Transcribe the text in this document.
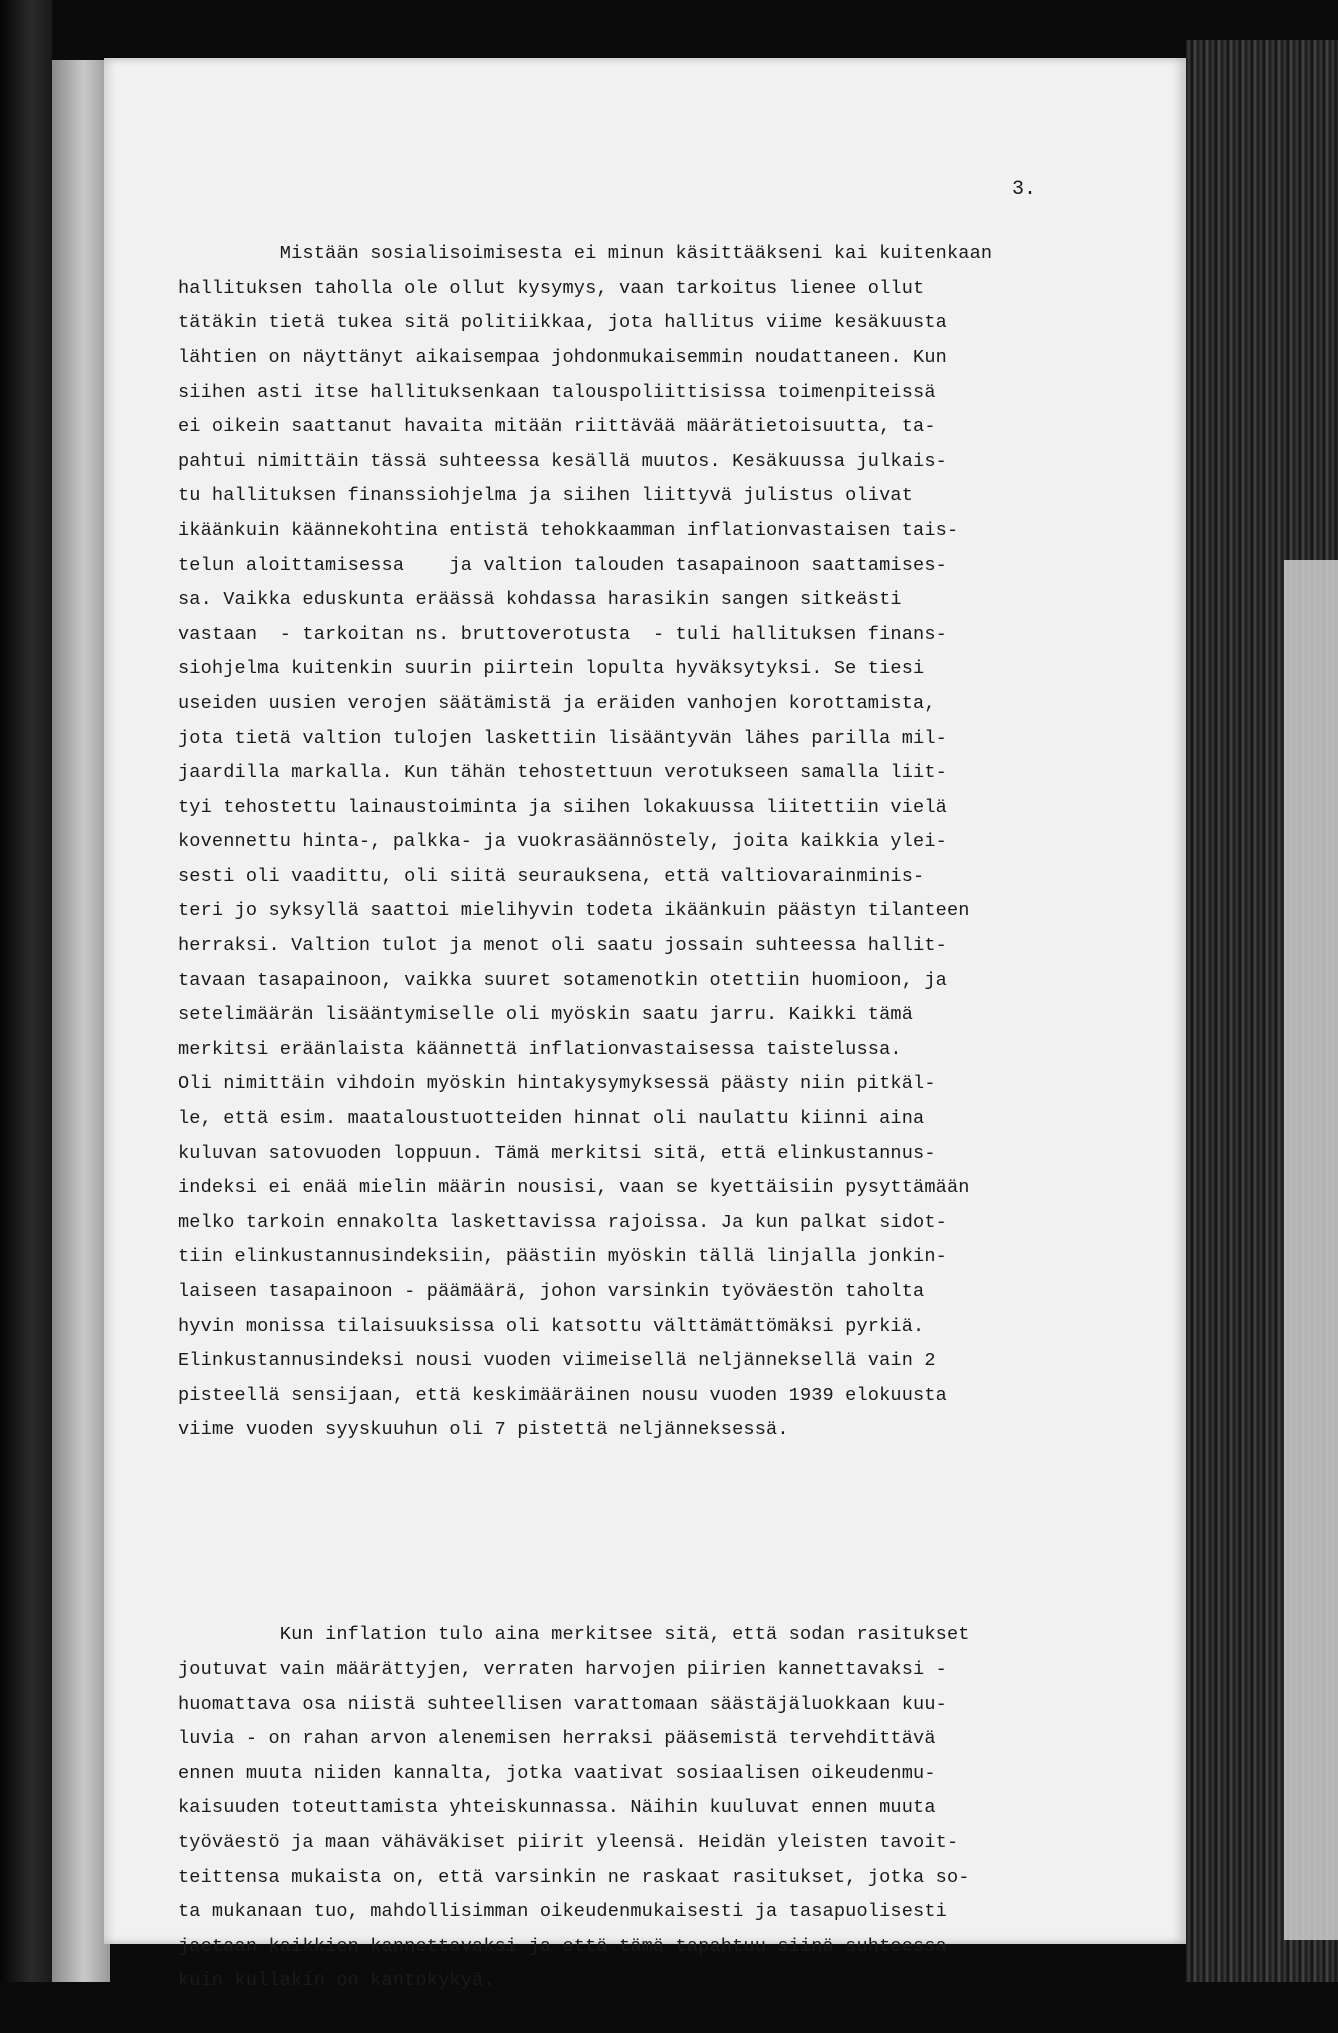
3.

Mistään sosialisoimisesta ei minun käsittääkseni kai kuitenkaan
hallituksen taholla ole ollut kysymys, vaan tarkoitus lienee ollut
tätäkin tietä tukea sitä politiikkaa, jota hallitus viime kesäkuusta
lähtien on näyttänyt aikaisempaa johdonmukaisemmin noudattaneen. Kun
siihen asti itse hallituksenkaan talouspoliittisissa toimenpiteissä
ei oikein saattanut havaita mitään riittävää määrätietoisuutta, ta-
pahtui nimittäin tässä suhteessa kesällä muutos. Kesäkuussa julkais-
tu hallituksen finanssiohjelma ja siihen liittyvä julistus olivat
ikäänkuin käännekohtina entistä tehokkaamman inflationvastaisen tais-
telun aloittamisessa    ja valtion talouden tasapainoon saattamises-
sa. Vaikka eduskunta eräässä kohdassa harasikin sangen sitkeästi
vastaan  - tarkoitan ns. bruttoverotusta  - tuli hallituksen finans-
siohjelma kuitenkin suurin piirtein lopulta hyväksytyksi. Se tiesi
useiden uusien verojen säätämistä ja eräiden vanhojen korottamista,
jota tietä valtion tulojen laskettiin lisääntyvän lähes parilla mil-
jaardilla markalla. Kun tähän tehostettuun verotukseen samalla liit-
tyi tehostettu lainaustoiminta ja siihen lokakuussa liitettiin vielä
kovennettu hinta-, palkka- ja vuokrasäännöstely, joita kaikkia ylei-
sesti oli vaadittu, oli siitä seurauksena, että valtiovarainminis-
teri jo syksyllä saattoi mielihyvin todeta ikäänkuin päästyn tilanteen
herraksi. Valtion tulot ja menot oli saatu jossain suhteessa hallit-
tavaan tasapainoon, vaikka suuret sotamenotkin otettiin huomioon, ja
setelimäärän lisääntymiselle oli myöskin saatu jarru. Kaikki tämä
merkitsi eräänlaista käännettä inflationvastaisessa taistelussa.
Oli nimittäin vihdoin myöskin hintakysymyksessä päästy niin pitkäl-
le, että esim. maataloustuotteiden hinnat oli naulattu kiinni aina
kuluvan satovuoden loppuun. Tämä merkitsi sitä, että elinkustannus-
indeksi ei enää mielin määrin nousisi, vaan se kyettäisiin pysyttämään
melko tarkoin ennakolta laskettavissa rajoissa. Ja kun palkat sidot-
tiin elinkustannusindeksiin, päästiin myöskin tällä linjalla jonkin-
laiseen tasapainoon - päämäärä, johon varsinkin työväestön taholta
hyvin monissa tilaisuuksissa oli katsottu välttämättömäksi pyrkiä.
Elinkustannusindeksi nousi vuoden viimeisellä neljänneksellä vain 2
pisteellä sensijaan, että keskimääräinen nousu vuoden 1939 elokuusta
viime vuoden syyskuuhun oli 7 pistettä neljänneksessä.

Kun inflation tulo aina merkitsee sitä, että sodan rasitukset
joutuvat vain määrättyjen, verraten harvojen piirien kannettavaksi -
huomattava osa niistä suhteellisen varattomaan säästäjäluokkaan kuu-
luvia - on rahan arvon alenemisen herraksi pääsemistä tervehdittävä
ennen muuta niiden kannalta, jotka vaativat sosiaalisen oikeudenmu-
kaisuuden toteuttamista yhteiskunnassa. Näihin kuuluvat ennen muuta
työväestö ja maan vähäväkiset piirit yleensä. Heidän yleisten tavoit-
teittensa mukaista on, että varsinkin ne raskaat rasitukset, jotka so-
ta mukanaan tuo, mahdollisimman oikeudenmukaisesti ja tasapuolisesti
jaetaan kaikkien kannettavaksi ja että tämä tapahtuu siinä suhteessa
kuin kullakin on kantokykyä.
